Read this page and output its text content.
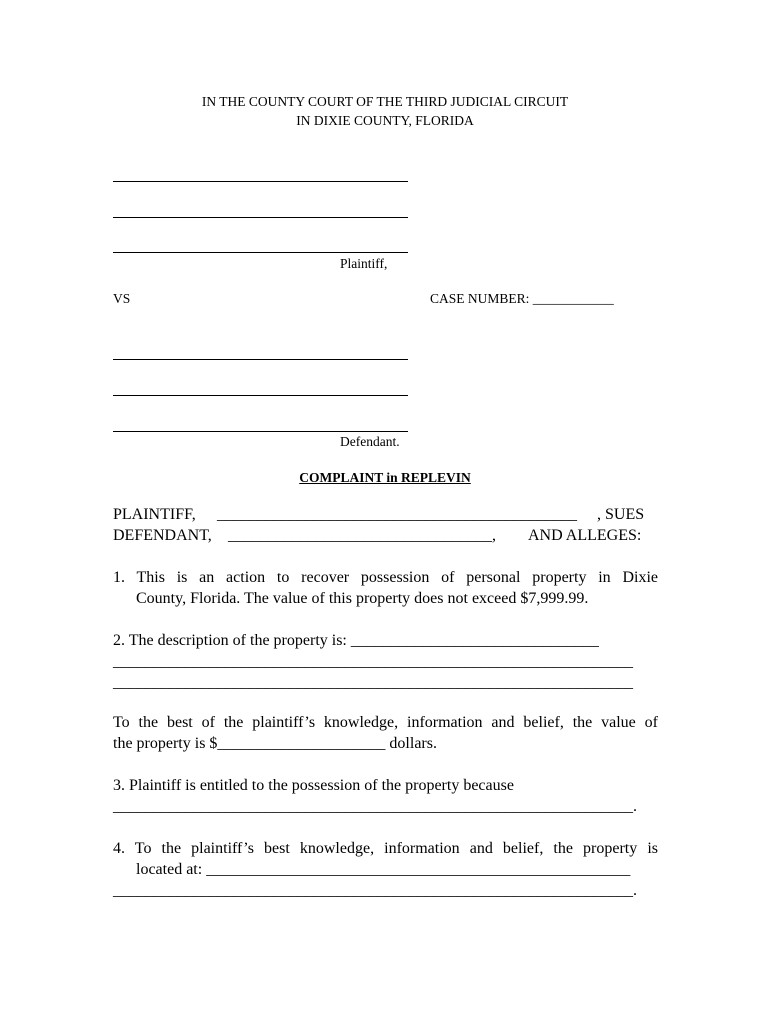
IN THE COUNTY COURT OF THE THIRD JUDICIAL CIRCUIT
IN DIXIE COUNTY, FLORIDA
Plaintiff,
VS	CASE NUMBER: ____________
Defendant.
COMPLAINT in REPLEVIN
PLAINTIFF, _____________________________________________ , SUES
DEFENDANT, _________________________________, AND ALLEGES:
1. This is an action to recover possession of personal property in Dixie
County, Florida. The value of this property does not exceed $7,999.99.
2. The description of the property is: _______________________________
_________________________________________________________________
_________________________________________________________________
To the best of the plaintiff’s knowledge, information and belief, the value of
the property is $_____________________ dollars.
3. Plaintiff is entitled to the possession of the property because
_________________________________________________________________.
4. To the plaintiff’s best knowledge, information and belief, the property is
located at: _____________________________________________________
_________________________________________________________________.
